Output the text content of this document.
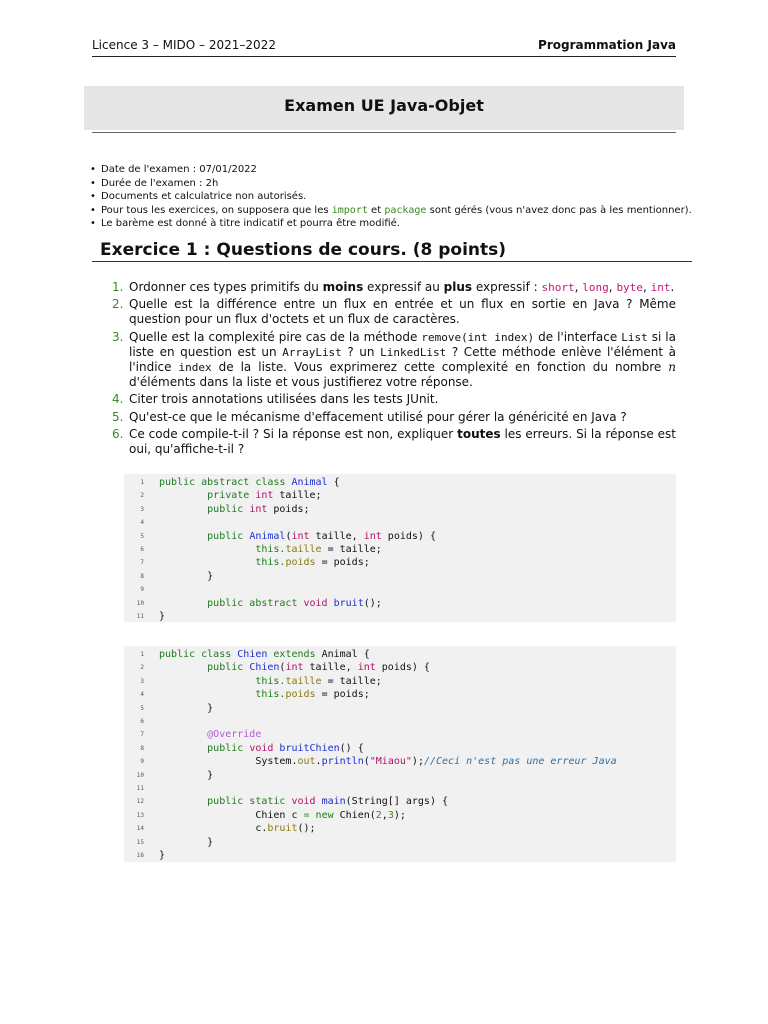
Licence 3 – MIDO – 2021–2022	Programmation Java
Examen UE Java-Objet
• Date de l'examen : 07/01/2022
• Durée de l'examen : 2h
• Documents et calculatrice non autorisés.
• Pour tous les exercices, on supposera que les import et package sont gérés (vous n'avez donc pas à les mentionner).
• Le barème est donné à titre indicatif et pourra être modifié.
Exercice 1 : Questions de cours. (8 points)
1. Ordonner ces types primitifs du moins expressif au plus expressif : short, long, byte, int.
2. Quelle est la différence entre un flux en entrée et un flux en sortie en Java ? Même question pour un flux d'octets et un flux de caractères.
3. Quelle est la complexité pire cas de la méthode remove(int index) de l'interface List si la liste en question est un ArrayList ? un LinkedList ? Cette méthode enlève l'élément à l'indice index de la liste. Vous exprimerez cette complexité en fonction du nombre n d'éléments dans la liste et vous justifierez votre réponse.
4. Citer trois annotations utilisées dans les tests JUnit.
5. Qu'est-ce que le mécanisme d'effacement utilisé pour gérer la généricité en Java ?
6. Ce code compile-t-il ? Si la réponse est non, expliquer toutes les erreurs. Si la réponse est oui, qu'affiche-t-il ?
1 public abstract class Animal {
2        private int taille;
3        public int poids;
4
5        public Animal(int taille, int poids) {
6                this.taille = taille;
7                this.poids = poids;
8        }
9
10        public abstract void bruit();
11 }
1 public class Chien extends Animal {
2        public Chien(int taille, int poids) {
3                this.taille = taille;
4                this.poids = poids;
5        }
6
7        @Override
8        public void bruitChien() {
9                System.out.println("Miaou");//Ceci n'est pas une erreur Java
10        }
11
12        public static void main(String[] args) {
13                Chien c = new Chien(2,3);
14                c.bruit();
15        }
16 }
